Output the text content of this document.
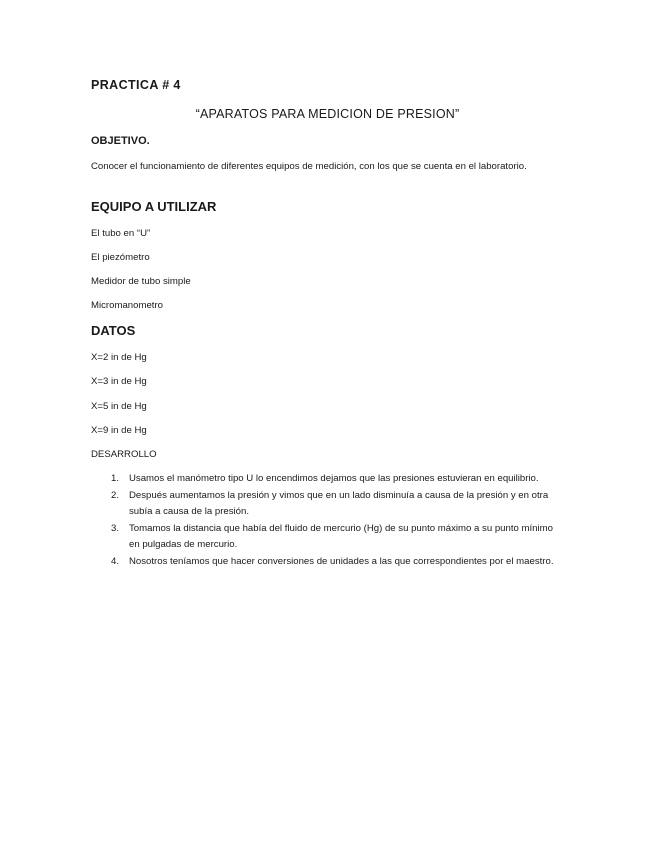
PRACTICA # 4
“APARATOS PARA MEDICION DE PRESION”
OBJETIVO.
Conocer el funcionamiento de diferentes equipos de medición, con los que se cuenta en el laboratorio.
EQUIPO A UTILIZAR
El tubo en “U”
El piezómetro
Medidor de tubo simple
Micromanometro
DATOS
X=2 in de Hg
X=3 in de Hg
X=5 in de Hg
X=9 in de Hg
DESARROLLO
1. Usamos el manómetro tipo U lo encendimos dejamos que las presiones estuvieran en equilibrio.
2. Después aumentamos la presión y vimos que en un lado disminuía a causa de la presión y en otra subía a causa de la presión.
3. Tomamos la distancia que había del fluido de mercurio (Hg) de su punto máximo a su punto mínimo en pulgadas de mercurio.
4. Nosotros teníamos que hacer conversiones de unidades a las que correspondientes por el maestro.
